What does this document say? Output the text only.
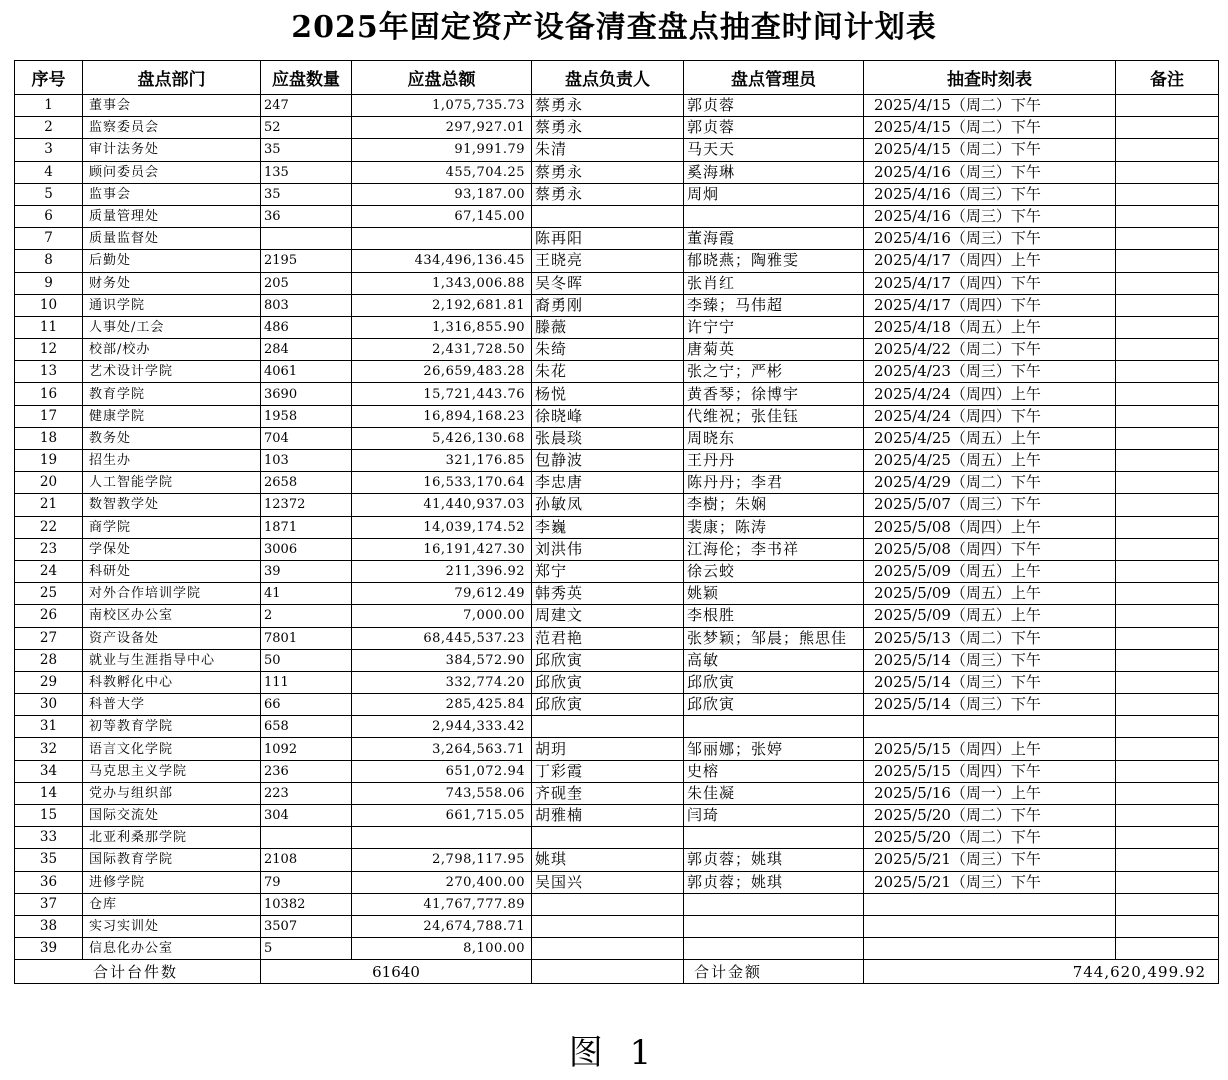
2025年固定资产设备清查盘点抽查时间计划表
序号	盘点部门	应盘数量	应盘总额	盘点负责人	盘点管理员	抽查时刻表	备注
1	董事会	247	1,075,735.73	蔡勇永	郭贞蓉	2025/4/15（周二）下午	
2	监察委员会	52	297,927.01	蔡勇永	郭贞蓉	2025/4/15（周二）下午	
3	审计法务处	35	91,991.79	朱清	马天天	2025/4/15（周二）下午	
4	顾问委员会	135	455,704.25	蔡勇永	奚海琳	2025/4/16（周三）下午	
5	监事会	35	93,187.00	蔡勇永	周炯	2025/4/16（周三）下午	
6	质量管理处	36	67,145.00			2025/4/16（周三）下午	
7	质量监督处			陈再阳	董海霞	2025/4/16（周三）下午	
8	后勤处	2195	434,496,136.45	王晓亮	郁晓燕；陶雅雯	2025/4/17（周四）上午	
9	财务处	205	1,343,006.88	吴冬晖	张肖红	2025/4/17（周四）下午	
10	通识学院	803	2,192,681.81	裔勇刚	李臻；马伟超	2025/4/17（周四）下午	
11	人事处/工会	486	1,316,855.90	滕薇	许宁宁	2025/4/18（周五）上午	
12	校部/校办	284	2,431,728.50	朱绮	唐菊英	2025/4/22（周二）下午	
13	艺术设计学院	4061	26,659,483.28	朱花	张之宁；严彬	2025/4/23（周三）下午	
16	教育学院	3690	15,721,443.76	杨悦	黄香琴；徐博宇	2025/4/24（周四）上午	
17	健康学院	1958	16,894,168.23	徐晓峰	代维祝；张佳钰	2025/4/24（周四）下午	
18	教务处	704	5,426,130.68	张晨琰	周晓东	2025/4/25（周五）上午	
19	招生办	103	321,176.85	包静波	王丹丹	2025/4/25（周五）上午	
20	人工智能学院	2658	16,533,170.64	李忠唐	陈丹丹；李君	2025/4/29（周二）下午	
21	数智教学处	12372	41,440,937.03	孙敏凤	李樹；朱娴	2025/5/07（周三）下午	
22	商学院	1871	14,039,174.52	李巍	裴康；陈涛	2025/5/08（周四）上午	
23	学保处	3006	16,191,427.30	刘洪伟	江海伦；李书祥	2025/5/08（周四）下午	
24	科研处	39	211,396.92	郑宁	徐云蛟	2025/5/09（周五）上午	
25	对外合作培训学院	41	79,612.49	韩秀英	姚颖	2025/5/09（周五）上午	
26	南校区办公室	2	7,000.00	周建文	李根胜	2025/5/09（周五）上午	
27	资产设备处	7801	68,445,537.23	范君艳	张梦颖；邹晨；熊思佳	2025/5/13（周二）下午	
28	就业与生涯指导中心	50	384,572.90	邱欣寅	高敏	2025/5/14（周三）下午	
29	科教孵化中心	111	332,774.20	邱欣寅	邱欣寅	2025/5/14（周三）下午	
30	科普大学	66	285,425.84	邱欣寅	邱欣寅	2025/5/14（周三）下午	
31	初等教育学院	658	2,944,333.42				
32	语言文化学院	1092	3,264,563.71	胡玥	邹丽娜；张婷	2025/5/15（周四）上午	
34	马克思主义学院	236	651,072.94	丁彩霞	史榕	2025/5/15（周四）下午	
14	党办与组织部	223	743,558.06	齐砚奎	朱佳凝	2025/5/16（周一）上午	
15	国际交流处	304	661,715.05	胡雅楠	闫琦	2025/5/20（周二）下午	
33	北亚利桑那学院					2025/5/20（周二）下午	
35	国际教育学院	2108	2,798,117.95	姚琪	郭贞蓉；姚琪	2025/5/21（周三）下午	
36	进修学院	79	270,400.00	吴国兴	郭贞蓉；姚琪	2025/5/21（周三）下午	
37	仓库	10382	41,767,777.89				
38	实习实训处	3507	24,674,788.71				
39	信息化办公室	5	8,100.00				
合计台件数		61640			合计金额	744,620,499.92	
图 1
